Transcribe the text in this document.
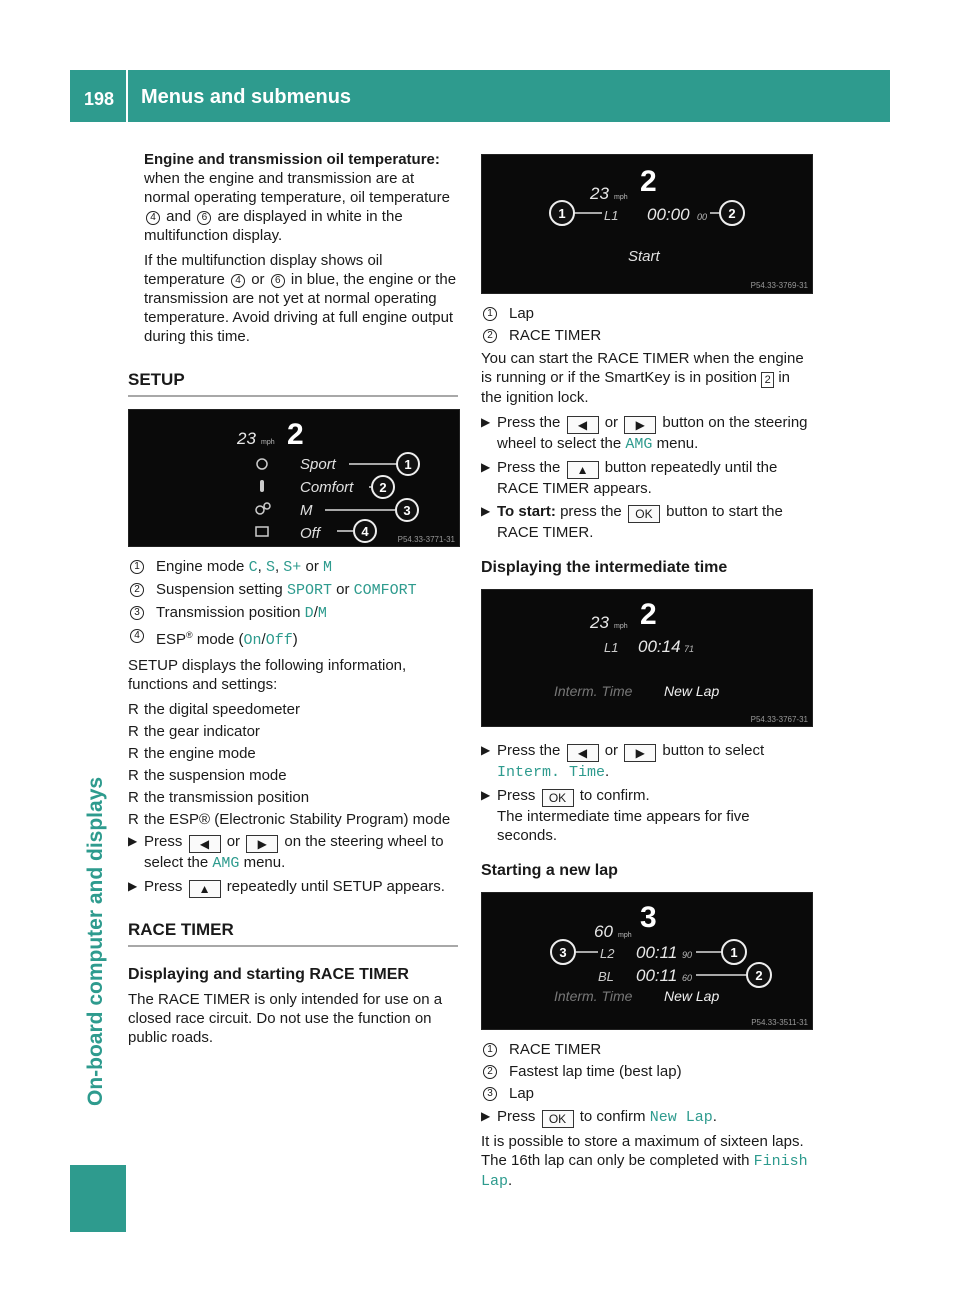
198 Menus and submenus
On-board computer and displays

Engine and transmission oil temperature:
when the engine and transmission are at normal operating temperature, oil temperature 4 and 6 are displayed in white in the multifunction display.

If the multifunction display shows oil temperature 4 or 6 in blue, the engine or the transmission are not yet at normal operating temperature. Avoid driving at full engine output during this time.

SETUP
23 mph 2
Sport
Comfort
M
Off
1
2
3
4
P54.33-3771-31
1 Engine mode C, S, S+ or M
2 Suspension setting SPORT or COMFORT
3 Transmission position D/M
4 ESP® mode (On/Off)

SETUP displays the following information, functions and settings:

R the digital speedometer
R the gear indicator
R the engine mode
R the suspension mode
R the transmission position
R the ESP® (Electronic Stability Program) mode
▶ Press ◀ or ▶ on the steering wheel to select the AMG menu.
▶ Press ▲ repeatedly until SETUP appears.
RACE TIMER
Displaying and starting RACE TIMER

The RACE TIMER is only intended for use on a closed race circuit. Do not use the function on public roads.

23 mph 2
L1 00:00 00
1	2
Start
P54.33-3769-31
1 Lap
2 RACE TIMER

You can start the RACE TIMER when the engine is running or if the SmartKey is in position 2 in the ignition lock.

▶ Press the ◀ or ▶ button on the steering wheel to select the AMG menu.
▶ Press the ▲ button repeatedly until the RACE TIMER appears.
▶ To start: press the OK button to start the RACE TIMER.
Displaying the intermediate time
23 mph 2
L1 00:14 71
Interm. Time New Lap
P54.33-3767-31
▶ Press the ◀ or ▶ button to select Interm. Time.
▶ Press OK to confirm.
The intermediate time appears for five seconds.
Starting a new lap
60 mph
3
L2 00:11 90
BL 00:11 60
3	1
2
Interm. Time New Lap
P54.33-3511-31
1 RACE TIMER
2 Fastest lap time (best lap)
3 Lap
▶ Press OK to confirm New Lap.

It is possible to store a maximum of sixteen laps. The 16th lap can only be completed with Finish Lap.
